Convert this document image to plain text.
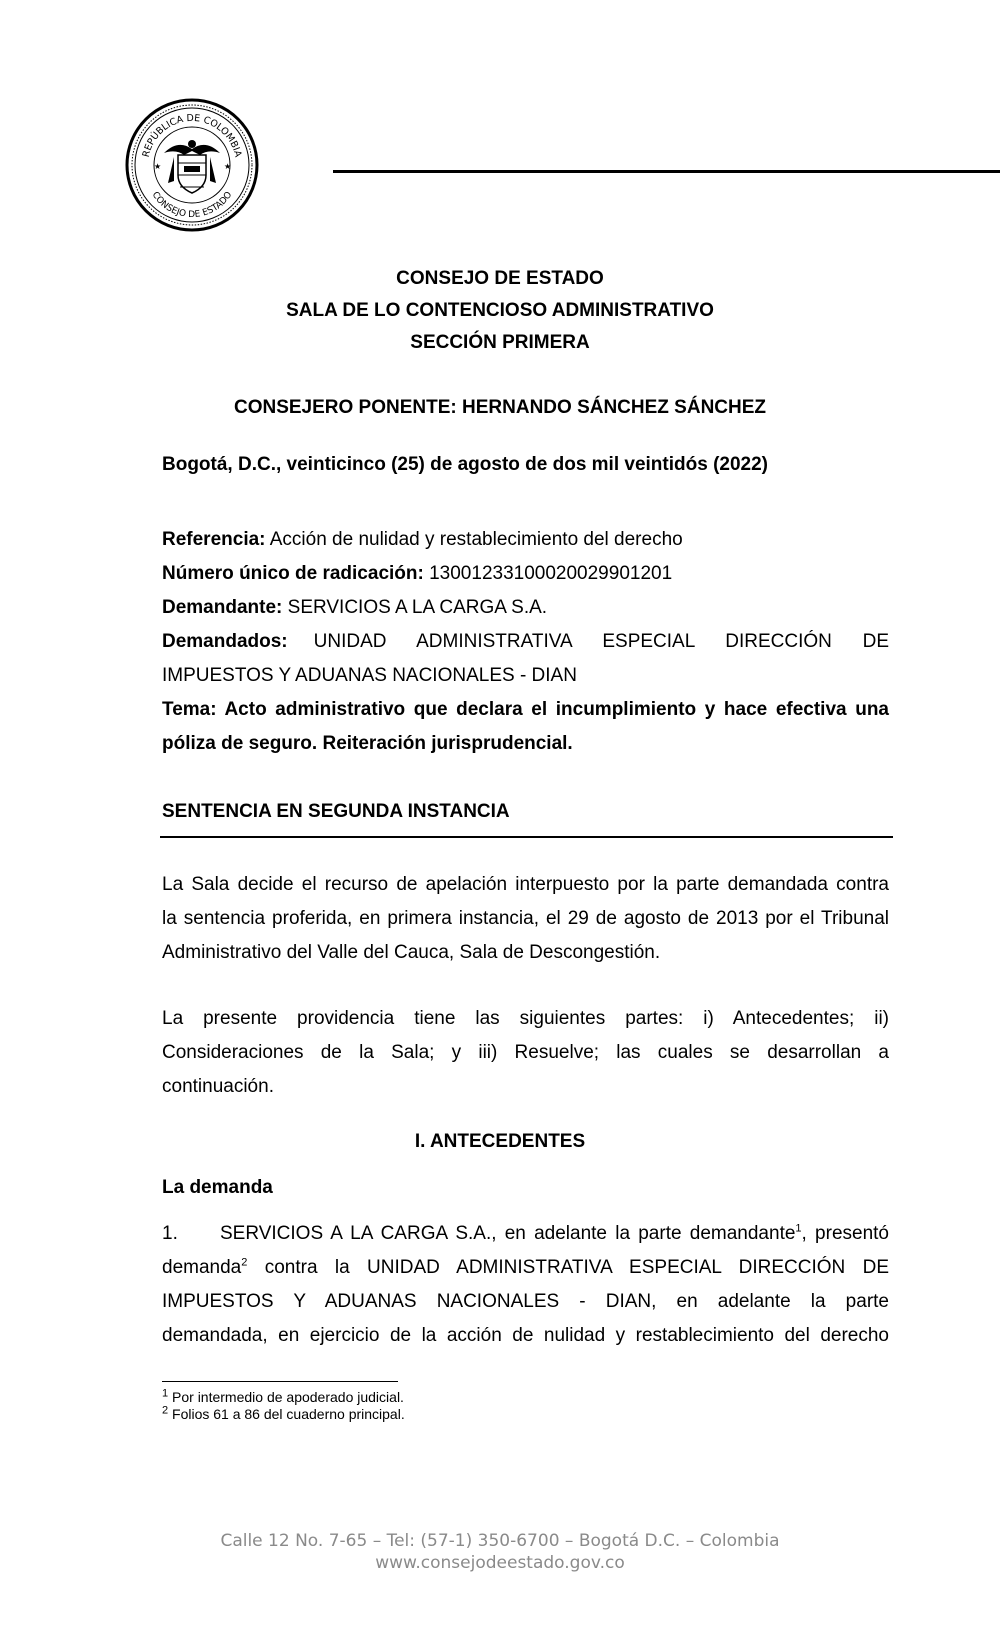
REPÚBLICA DE COLOMBIA
CONSEJO DE ESTADO
★	★
CONSEJO DE ESTADO
SALA DE LO CONTENCIOSO ADMINISTRATIVO
SECCIÓN PRIMERA
CONSEJERO PONENTE: HERNANDO SÁNCHEZ SÁNCHEZ
Bogotá, D.C., veinticinco (25) de agosto de dos mil veintidós (2022)
Referencia: Acción de nulidad y restablecimiento del derecho
Número único de radicación: 13001233100020029901201
Demandante: SERVICIOS A LA CARGA S.A.
Demandados: UNIDAD ADMINISTRATIVA ESPECIAL DIRECCIÓN DE
IMPUESTOS Y ADUANAS NACIONALES - DIAN
Tema: Acto administrativo que declara el incumplimiento y hace efectiva una
póliza de seguro. Reiteración jurisprudencial.
SENTENCIA EN SEGUNDA INSTANCIA
La Sala decide el recurso de apelación interpuesto por la parte demandada contra
la sentencia proferida, en primera instancia, el 29 de agosto de 2013 por el Tribunal
Administrativo del Valle del Cauca, Sala de Descongestión.
La presente providencia tiene las siguientes partes: i) Antecedentes; ii)
Consideraciones de la Sala; y iii) Resuelve; las cuales se desarrollan a
continuación.
I. ANTECEDENTES
La demanda
1.	SERVICIOS A LA CARGA S.A., en adelante la parte demandante$^1$, presentó
demanda$^2$ contra la UNIDAD ADMINISTRATIVA ESPECIAL DIRECCIÓN DE
IMPUESTOS Y ADUANAS NACIONALES - DIAN, en adelante la parte
demandada, en ejercicio de la acción de nulidad y restablecimiento del derecho
$^1$ Por intermedio de apoderado judicial.
$^2$ Folios 61 a 86 del cuaderno principal.
Calle 12 No. 7-65 – Tel: (57-1) 350-6700 – Bogotá D.C. – Colombia
www.consejodeestado.gov.co
